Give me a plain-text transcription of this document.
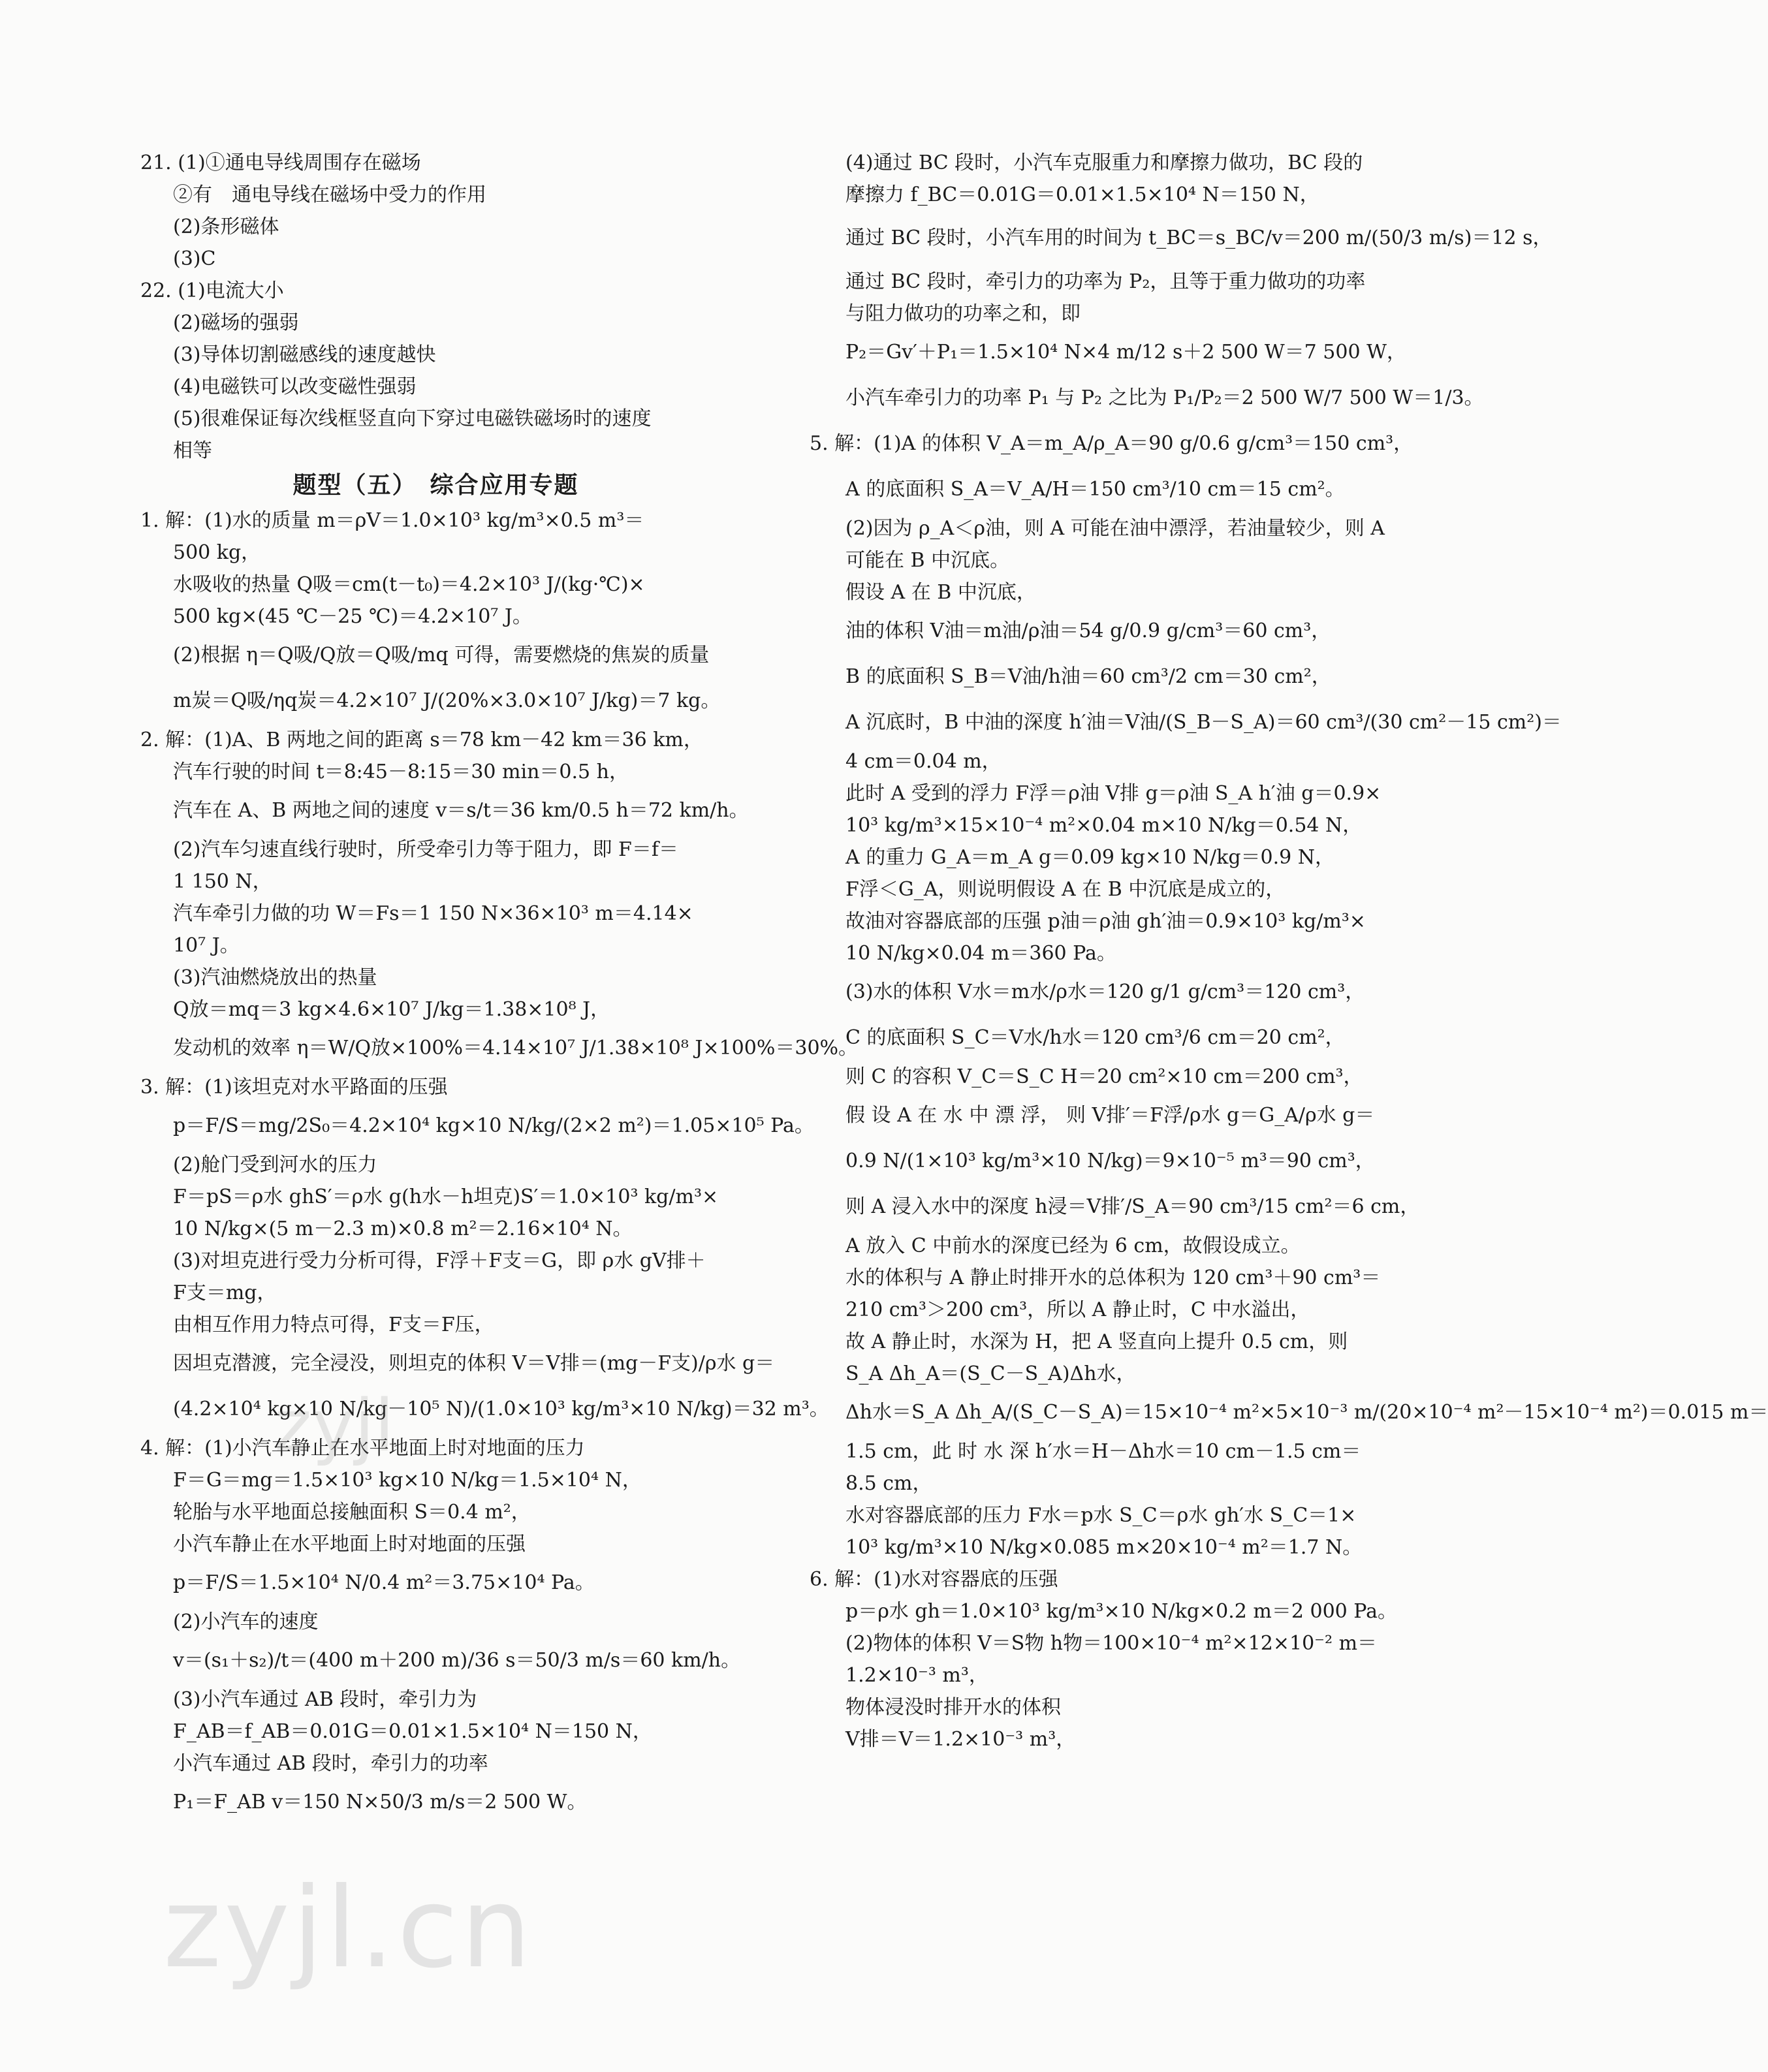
21. (1)①通电导线周围存在磁场
②有　通电导线在磁场中受力的作用
(2)条形磁体
(3)C
22. (1)电流大小
(2)磁场的强弱
(3)导体切割磁感线的速度越快
(4)电磁铁可以改变磁性强弱
(5)很难保证每次线框竖直向下穿过电磁铁磁场时的速度
相等
题型（五）　综合应用专题
1. 解：(1)水的质量 m＝ρV＝1.0×10³ kg/m³×0.5 m³＝
500 kg，
水吸收的热量 Q吸＝cm(t－t₀)＝4.2×10³ J/(kg·℃)×
500 kg×(45 ℃－25 ℃)＝4.2×10⁷ J。
(2)根据 η＝Q吸/Q放＝Q吸/mq 可得，需要燃烧的焦炭的质量
m炭＝Q吸/ηq炭＝4.2×10⁷ J/(20%×3.0×10⁷ J/kg)＝7 kg。
2. 解：(1)A、B 两地之间的距离 s＝78 km－42 km＝36 km，
汽车行驶的时间 t＝8:45－8:15＝30 min＝0.5 h，
汽车在 A、B 两地之间的速度 v＝s/t＝36 km/0.5 h＝72 km/h。
(2)汽车匀速直线行驶时，所受牵引力等于阻力，即 F＝f＝
1 150 N，
汽车牵引力做的功 W＝Fs＝1 150 N×36×10³ m＝4.14×
10⁷ J。
(3)汽油燃烧放出的热量
Q放＝mq＝3 kg×4.6×10⁷ J/kg＝1.38×10⁸ J，
发动机的效率 η＝W/Q放×100%＝4.14×10⁷ J/1.38×10⁸ J×100%＝30%。
3. 解：(1)该坦克对水平路面的压强
p＝F/S＝mg/2S₀＝4.2×10⁴ kg×10 N/kg/(2×2 m²)＝1.05×10⁵ Pa。
(2)舱门受到河水的压力
F＝pS＝ρ水 ghS′＝ρ水 g(h水－h坦克)S′＝1.0×10³ kg/m³×
10 N/kg×(5 m－2.3 m)×0.8 m²＝2.16×10⁴ N。
(3)对坦克进行受力分析可得，F浮＋F支＝G，即 ρ水 gV排＋
F支＝mg，
由相互作用力特点可得，F支＝F压，
因坦克潜渡，完全浸没，则坦克的体积 V＝V排＝(mg－F支)/ρ水 g＝
(4.2×10⁴ kg×10 N/kg－10⁵ N)/(1.0×10³ kg/m³×10 N/kg)＝32 m³。
4. 解：(1)小汽车静止在水平地面上时对地面的压力
F＝G＝mg＝1.5×10³ kg×10 N/kg＝1.5×10⁴ N，
轮胎与水平地面总接触面积 S＝0.4 m²，
小汽车静止在水平地面上时对地面的压强
p＝F/S＝1.5×10⁴ N/0.4 m²＝3.75×10⁴ Pa。
(2)小汽车的速度
v＝(s₁＋s₂)/t＝(400 m＋200 m)/36 s＝50/3 m/s＝60 km/h。
(3)小汽车通过 AB 段时，牵引力为
F_AB＝f_AB＝0.01G＝0.01×1.5×10⁴ N＝150 N，
小汽车通过 AB 段时，牵引力的功率
P₁＝F_AB v＝150 N×50/3 m/s＝2 500 W。
(4)通过 BC 段时，小汽车克服重力和摩擦力做功，BC 段的
摩擦力 f_BC＝0.01G＝0.01×1.5×10⁴ N＝150 N，
通过 BC 段时，小汽车用的时间为 t_BC＝s_BC/v＝200 m/(50/3 m/s)＝12 s，
通过 BC 段时，牵引力的功率为 P₂，且等于重力做功的功率
与阻力做功的功率之和，即
P₂＝Gv′＋P₁＝1.5×10⁴ N×4 m/12 s＋2 500 W＝7 500 W，
小汽车牵引力的功率 P₁ 与 P₂ 之比为 P₁/P₂＝2 500 W/7 500 W＝1/3。
5. 解：(1)A 的体积 V_A＝m_A/ρ_A＝90 g/0.6 g/cm³＝150 cm³，
A 的底面积 S_A＝V_A/H＝150 cm³/10 cm＝15 cm²。
(2)因为 ρ_A＜ρ油，则 A 可能在油中漂浮，若油量较少，则 A
可能在 B 中沉底。
假设 A 在 B 中沉底，
油的体积 V油＝m油/ρ油＝54 g/0.9 g/cm³＝60 cm³，
B 的底面积 S_B＝V油/h油＝60 cm³/2 cm＝30 cm²，
A 沉底时，B 中油的深度 h′油＝V油/(S_B－S_A)＝60 cm³/(30 cm²－15 cm²)＝
4 cm＝0.04 m，
此时 A 受到的浮力 F浮＝ρ油 V排 g＝ρ油 S_A h′油 g＝0.9×
10³ kg/m³×15×10⁻⁴ m²×0.04 m×10 N/kg＝0.54 N，
A 的重力 G_A＝m_A g＝0.09 kg×10 N/kg＝0.9 N，
F浮＜G_A，则说明假设 A 在 B 中沉底是成立的，
故油对容器底部的压强 p油＝ρ油 gh′油＝0.9×10³ kg/m³×
10 N/kg×0.04 m＝360 Pa。
(3)水的体积 V水＝m水/ρ水＝120 g/1 g/cm³＝120 cm³，
C 的底面积 S_C＝V水/h水＝120 cm³/6 cm＝20 cm²，
则 C 的容积 V_C＝S_C H＝20 cm²×10 cm＝200 cm³，
假 设 A 在 水 中 漂 浮， 则 V排′＝F浮/ρ水 g＝G_A/ρ水 g＝
0.9 N/(1×10³ kg/m³×10 N/kg)＝9×10⁻⁵ m³＝90 cm³，
则 A 浸入水中的深度 h浸＝V排′/S_A＝90 cm³/15 cm²＝6 cm，
A 放入 C 中前水的深度已经为 6 cm，故假设成立。
水的体积与 A 静止时排开水的总体积为 120 cm³＋90 cm³＝
210 cm³＞200 cm³，所以 A 静止时，C 中水溢出，
故 A 静止时，水深为 H，把 A 竖直向上提升 0.5 cm，则
S_A Δh_A＝(S_C－S_A)Δh水，
Δh水＝S_A Δh_A/(S_C－S_A)＝15×10⁻⁴ m²×5×10⁻³ m/(20×10⁻⁴ m²－15×10⁻⁴ m²)＝0.015 m＝
1.5 cm，此 时 水 深 h′水＝H－Δh水＝10 cm－1.5 cm＝
8.5 cm，
水对容器底部的压力 F水＝p水 S_C＝ρ水 gh′水 S_C＝1×
10³ kg/m³×10 N/kg×0.085 m×20×10⁻⁴ m²＝1.7 N。
6. 解：(1)水对容器底的压强
p＝ρ水 gh＝1.0×10³ kg/m³×10 N/kg×0.2 m＝2 000 Pa。
(2)物体的体积 V＝S物 h物＝100×10⁻⁴ m²×12×10⁻² m＝
1.2×10⁻³ m³，
物体浸没时排开水的体积
V排＝V＝1.2×10⁻³ m³，
zyjl
zyjl.cn
